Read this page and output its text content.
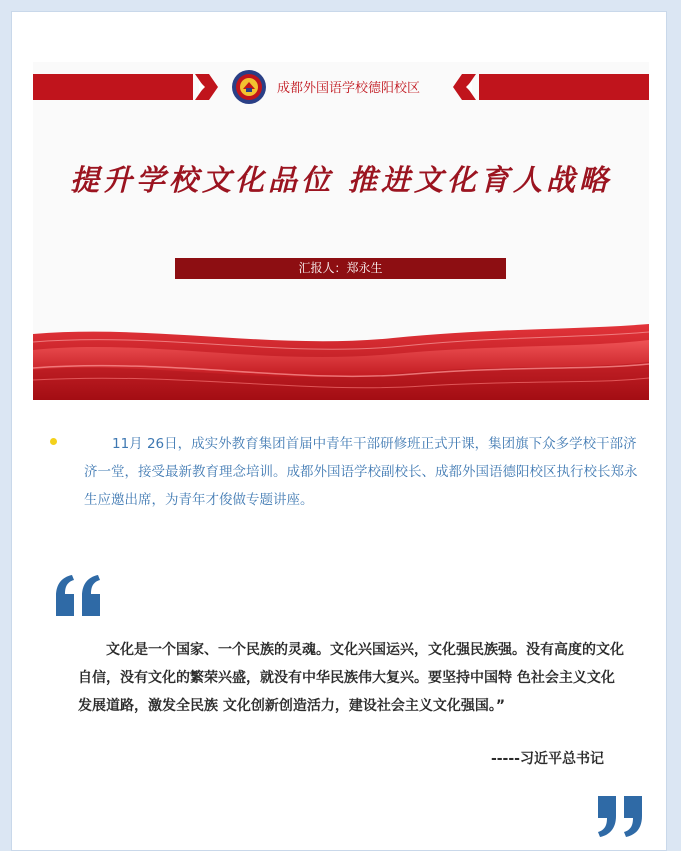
成都外国语学校德阳校区
提升学校文化品位 推进文化育人战略
汇报人：郑永生

11月 26日，成实外教育集团首届中青年干部研修班正式开课，集团旗下众多学校干部济济一堂，接受最新教育理念培训。成都外国语学校副校长、成都外国语德阳校区执行校长郑永生应邀出席，为青年才俊做专题讲座。

文化是一个国家、一个民族的灵魂。文化兴国运兴，文化强民族强。没有高度的文化自信，没有文化的繁荣兴盛，就没有中华民族伟大复兴。要坚持中国特 色社会主义文化发展道路，激发全民族 文化创新创造活力，建设社会主义文化强国。”

-----习近平总书记
